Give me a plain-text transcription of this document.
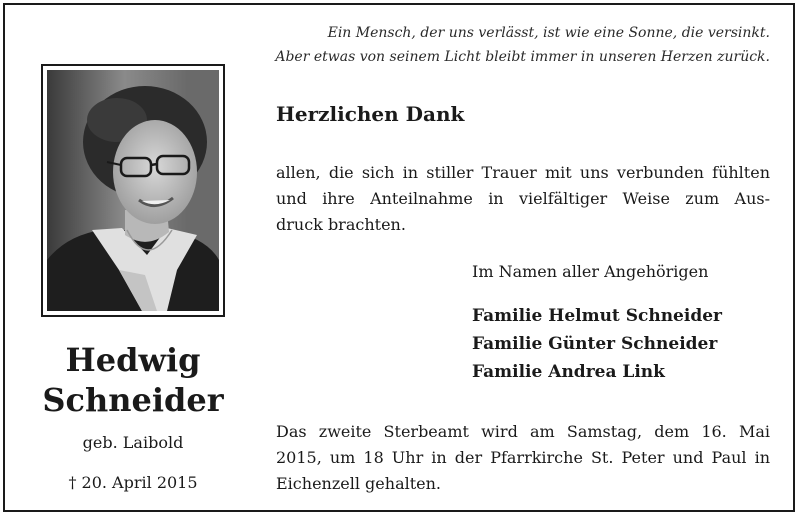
Ein Mensch, der uns verlässt, ist wie eine Sonne, die versinkt.
Aber etwas von seinem Licht bleibt immer in unseren Herzen zurück.
Hedwig
Schneider
geb. Laibold
† 20. April 2015
Herzlichen Dank
allen, die sich in stiller Trauer mit uns verbunden fühlten
und ihre Anteilnahme in vielfältiger Weise zum Aus-
druck brachten.
Im Namen aller Angehörigen
Familie Helmut Schneider
Familie Günter Schneider
Familie Andrea Link
Das zweite Sterbeamt wird am Samstag, dem 16. Mai
2015, um 18 Uhr in der Pfarrkirche St. Peter und Paul in
Eichenzell gehalten.
